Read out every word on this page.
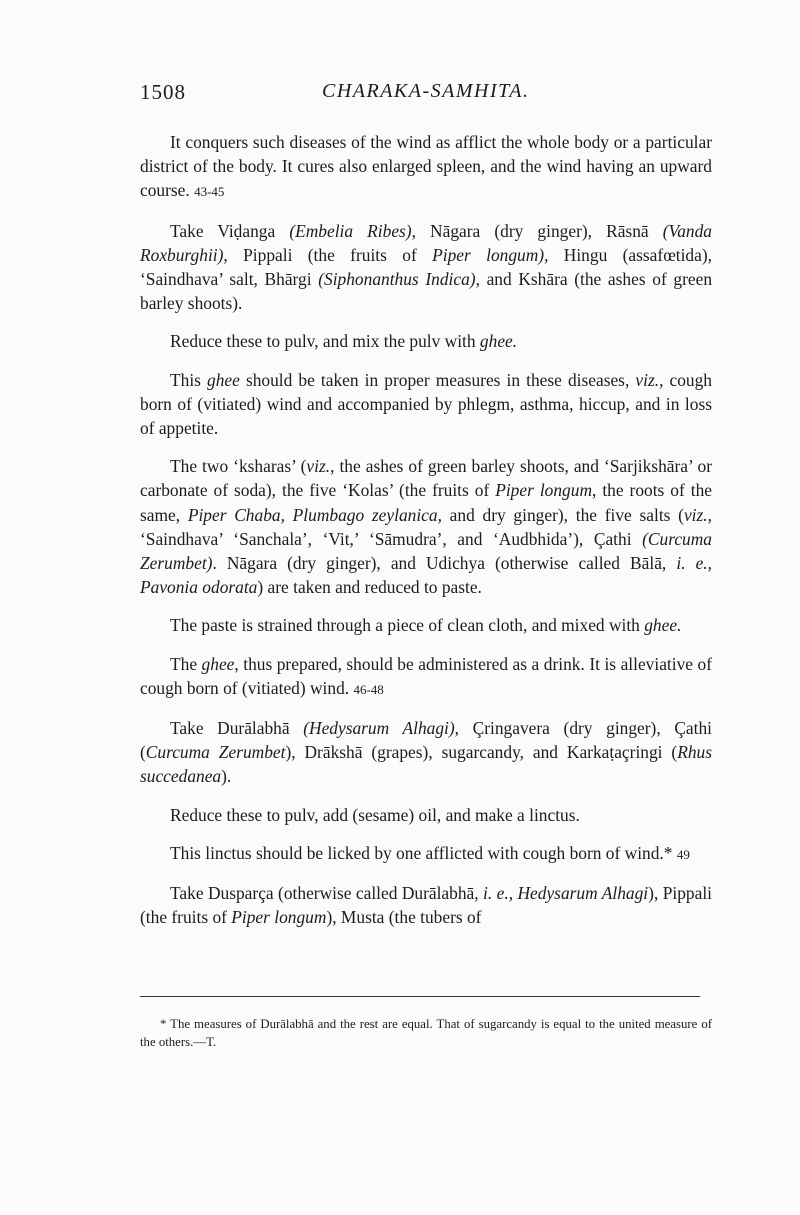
1508	CHARAKA-SAMHITA.

It conquers such diseases of the wind as afflict the whole body or a particular district of the body. It cures also enlarged spleen, and the wind having an upward course. 43-45

Take Viḍanga (Embelia Ribes), Nāgara (dry ginger), Rāsnā (Vanda Roxburghii), Pippali (the fruits of Piper longum), Hingu (assafœtida), ‘Saindhava’ salt, Bhārgi (Siphonanthus Indica), and Kshāra (the ashes of green barley shoots).

Reduce these to pulv, and mix the pulv with ghee.

This ghee should be taken in proper measures in these diseases, viz., cough born of (vitiated) wind and accompanied by phlegm, asthma, hiccup, and in loss of appetite.

The two ‘ksharas’ (viz., the ashes of green barley shoots, and ‘Sarjikshāra’ or carbonate of soda), the five ‘Kolas’ (the fruits of Piper longum, the roots of the same, Piper Chaba, Plumbago zeylanica, and dry ginger), the five salts (viz., ‘Saindhava’ ‘Sanchala’, ‘Vit,’ ‘Sāmudra’, and ‘Audbhida’), Çathi (Curcuma Zerumbet). Nāgara (dry ginger), and Udichya (otherwise called Bālā, i. e., Pavonia odorata) are taken and reduced to paste.

The paste is strained through a piece of clean cloth, and mixed with ghee.

The ghee, thus prepared, should be administered as a drink. It is alleviative of cough born of (vitiated) wind. 46-48

Take Durālabhā (Hedysarum Alhagi), Çringavera (dry ginger), Çathi (Curcuma Zerumbet), Drākshā (grapes), sugarcandy, and Karkaṭaçringi (Rhus succedanea).

Reduce these to pulv, add (sesame) oil, and make a linctus.

This linctus should be licked by one afflicted with cough born of wind.* 49

Take Dusparça (otherwise called Durālabhā, i. e., Hedysarum Alhagi), Pippali (the fruits of Piper longum), Musta (the tubers of

* The measures of Durālabhā and the rest are equal. That of sugarcandy is equal to the united measure of the others.—T.
